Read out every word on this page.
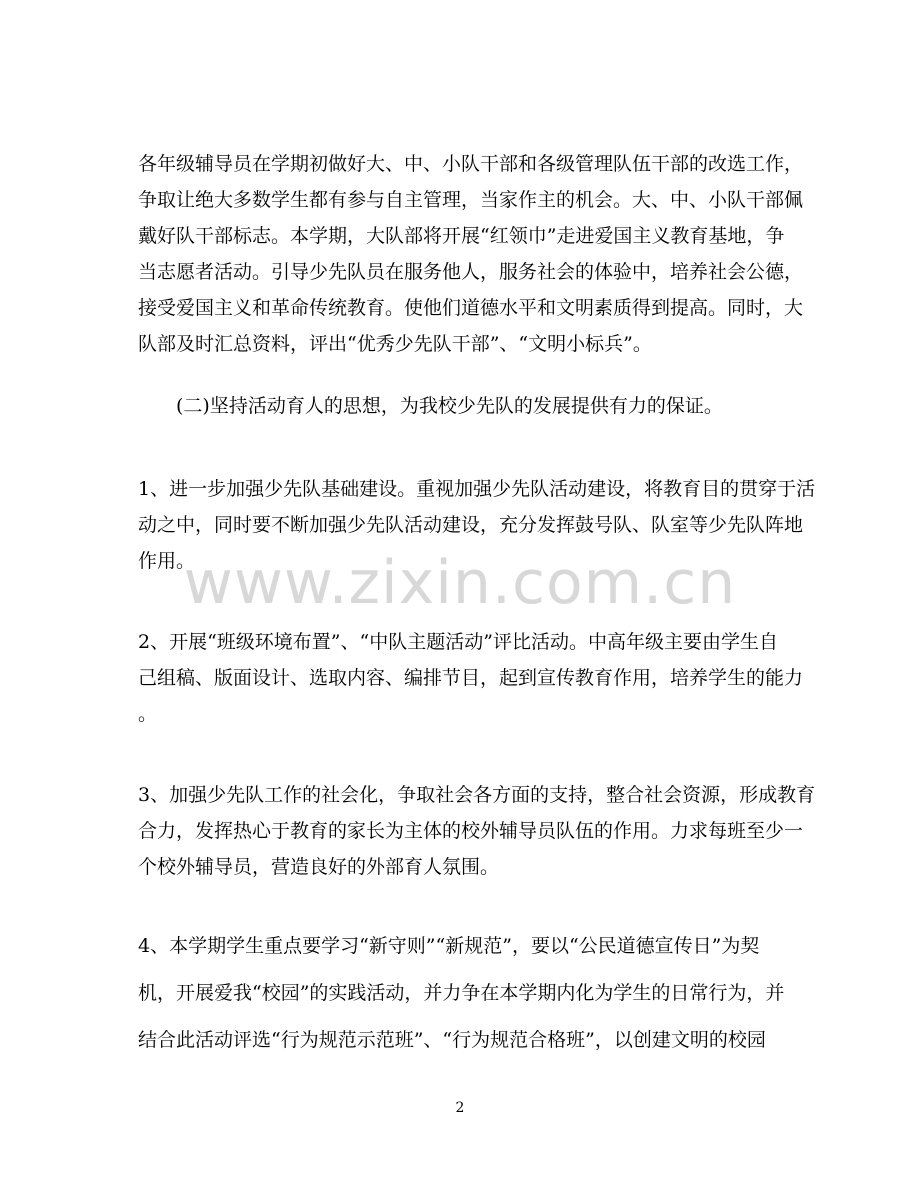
www.zixin.com.cn
各年级辅导员在学期初做好大、中、小队干部和各级管理队伍干部的改选工作，
争取让绝大多数学生都有参与自主管理，当家作主的机会。大、中、小队干部佩
戴好队干部标志。本学期，大队部将开展“红领巾”走进爱国主义教育基地，争
当志愿者活动。引导少先队员在服务他人，服务社会的体验中，培养社会公德，
接受爱国主义和革命传统教育。使他们道德水平和文明素质得到提高。同时，大
队部及时汇总资料，评出“优秀少先队干部”、“文明小标兵”。
(二)坚持活动育人的思想，为我校少先队的发展提供有力的保证。
1、进一步加强少先队基础建设。重视加强少先队活动建设，将教育目的贯穿于活
动之中，同时要不断加强少先队活动建设，充分发挥鼓号队、队室等少先队阵地
作用。
2、开展“班级环境布置”、“中队主题活动”评比活动。中高年级主要由学生自
己组稿、版面设计、选取内容、编排节目，起到宣传教育作用，培养学生的能力
。
3、加强少先队工作的社会化，争取社会各方面的支持，整合社会资源，形成教育
合力，发挥热心于教育的家长为主体的校外辅导员队伍的作用。力求每班至少一
个校外辅导员，营造良好的外部育人氛围。
4、本学期学生重点要学习“新守则”“新规范”，要以“公民道德宣传日”为契
机，开展爱我“校园”的实践活动，并力争在本学期内化为学生的日常行为，并
结合此活动评选“行为规范示范班”、“行为规范合格班”，以创建文明的校园
2
